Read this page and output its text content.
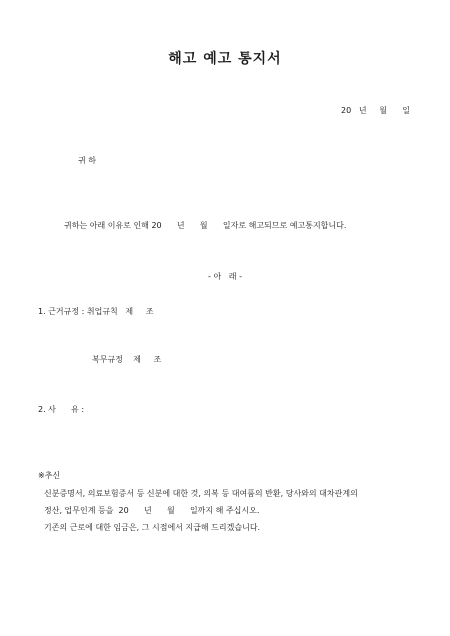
해고 예고 통지서
20   년     월      일
귀 하
귀하는 아래 이유로 인해 20      년      월      일자로 해고되므로 예고통지합니다.
- 아   래 -
1. 근거규정 : 취업규칙   제     조
복무규정    제     조
2. 사      유 :
※추신
신분증명서, 의료보험증서 등 신분에 대한 것, 의복 등 대여품의 반환, 당사와의 대차관계의
정산, 업무인계 등을  20      년      월      일까지 해 주십시오.
기존의 근로에 대한 임금은, 그 시점에서 지급해 드리겠습니다.
